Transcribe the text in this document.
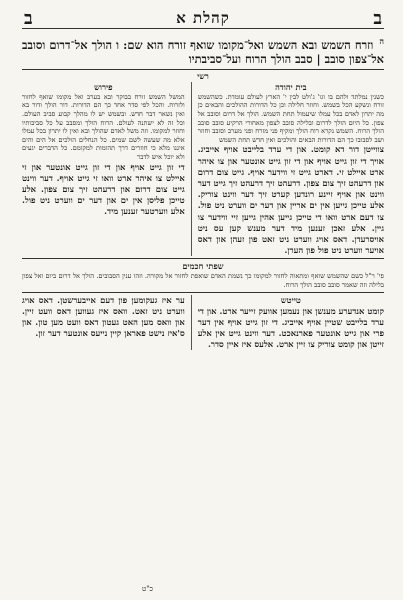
ב
קהלת א
ב
$^ה$ וזרח השמש ובא השמש ואל־מקומו שואף זורח הוא שם: ו הולך אל־דרום וסובב אל־צפון סובב | סבב הולך הרוח ועל־סביבתיו
רשי
בית יהודה
כשנין נמלתד ולהם בו וגו' ג'ולט לבין י' הארץ לעולם עומדת. כשהשמש זורח ונשקע הכל בשמש. וחוזר חלילה וכן כל הדורות ההולכים והבאים כן מה יתרון לאדם בכל עמלו שיעמול תחת השמש. הולך אל דרום וסובב אל צפון. כל היום הולך לדרום ובלילה סובב לצפון מאחורי הרקיע סובב סובב הולך הרוח. השמש נקרא רוח הולך ומקיף פני מזרח ופני מערב וסובב וחוזר ושב לסבובו כך הם הדורות הבאים והולכים ואין חדש תחת השמש
צווייטן דור דא קומט. און די ערד בלייבט אויף אייביג. אויך די זון גייט אויף און די זון גייט אונטער און צו איהר ארט איילט זי. דארט גייט זי ווידער אויף. גייט צום דרום און דרעהט זיך צום צפון. דרעהט זיך דרעהט זיך גייט דער ווינט און אויף זיינע רונדען קערט זיך דער ווינט צוריק. אלע טייכן גייען אין ים אריין און דער ים ווערט ניט פול. צו דעם ארט וואו די טייכן גייען אהין גייען זיי ווידער צו גיין. אלע זאכן זענען מיד דער מענש קען עס ניט אויסרעדן. דאס אויג ווערט ניט זאט פון זעהן און דאס אויער ווערט ניט פול פון הערן.
פירוש
המשל השמש זורח בבוקר ובא בערב ואל מקומו שואף לחזור ולזרוח. והכל לפי סדר אחד כך הם הדורות. דור הולך ודור בא ואין נשאר דבר חדש. ובשמש יש לו מהלך קבוע סביב העולם. וכל זה לא ישתנה לעולם. הרוח הולך ומסבב על כל סביבותיו וחוזר למקומו. וזה משל לאדם שהולך ובא ואין לו יתרון בכל עמלו אלא מה שעשה לשם שמים. כל הנחלים הולכים אל הים והים איננו מלא כי חוזרים דרך תהומות למקומם. כל הדברים יגעים ולא יוכל איש לדבר
די זון גייט אויף און די זון גייט אונטער און זי איילט צו איהר ארט וואו זי גייט אויף. דער ווינט גייט צום דרום און דרעהט זיך צום צפון. אלע טייכן פליסן אין ים און דער ים ווערט ניט פול. אלע ווערטער זענען מיד.
שפתי חכמים
פי' ר"ל כשם שהשמש שואף ומתאוה לחזור למקומו כך נשמת האדם שואפת לחזור אל מקורה. וזהו ענין הסבובים. הולך אל דרום ביום ואל צפון בלילה וזה שאמר סובב סובב הולך הרוח.
טייטש
קומט אנדערע מענשן און נעמען אוועק זייער ארט. און די ערד בלייבט שטיין אויף אייביג. די זון גייט אויף אין דער פרי און גייט אונטער פארנאכט. דער ווינט גייט אין אלע זייטן און קומט צוריק צו זיין ארט. אלעס איז איין סדר.
ער איז געקומען פון דעם אייבערשטן. דאס אויג ווערט ניט זאט. וואס איז געווען דאס וועט זיין. און וואס מען האט געטון דאס וועט מען טון. און ס'איז נישט פאראן קיין נייעס אונטער דער זון.
כ"ט
